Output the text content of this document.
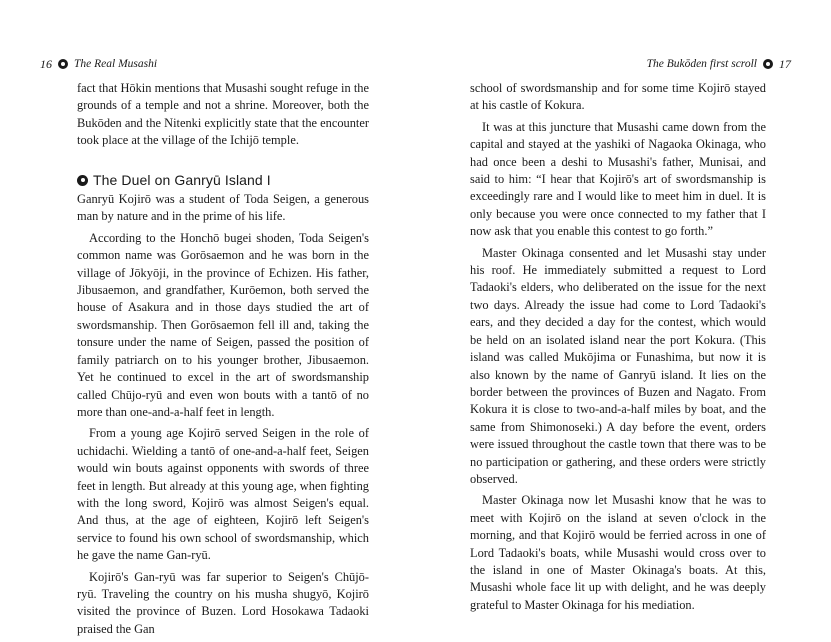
16 The Real Musashi

fact that Hōkin mentions that Musashi sought refuge in the grounds of a temple and not a shrine. Moreover, both the Bukōden and the Nitenki explicitly state that the encounter took place at the village of the Ichijō temple.

The Duel on Ganryū Island I

Ganryū Kojirō was a student of Toda Seigen, a generous man by nature and in the prime of his life.

According to the Honchō bugei shoden, Toda Seigen's common name was Gorōsaemon and he was born in the village of Jōkyōji, in the province of Echizen. His father, Jibusaemon, and grandfather, Kurōemon, both served the house of Asakura and in those days studied the art of swordsmanship. Then Gorōsaemon fell ill and, taking the tonsure under the name of Seigen, passed the position of family patriarch on to his younger brother, Jibusaemon. Yet he continued to excel in the art of swordsmanship called Chūjo-ryū and even won bouts with a tantō of no more than one-and-a-half feet in length.

From a young age Kojirō served Seigen in the role of uchidachi. Wielding a tantō of one-and-a-half feet, Seigen would win bouts against opponents with swords of three feet in length. But already at this young age, when fighting with the long sword, Kojirō was almost Seigen's equal. And thus, at the age of eighteen, Kojirō left Seigen's service to found his own school of swordsmanship, which he gave the name Gan-ryū.

Kojirō's Gan-ryū was far superior to Seigen's Chūjō-ryū. Traveling the country on his musha shugyō, Kojirō visited the province of Buzen. Lord Hosokawa Tadaoki praised the Gan

The Bukōden first scroll 17

school of swordsmanship and for some time Kojirō stayed at his castle of Kokura.

It was at this juncture that Musashi came down from the capital and stayed at the yashiki of Nagaoka Okinaga, who had once been a deshi to Musashi's father, Munisai, and said to him: “I hear that Kojirō's art of swordsmanship is exceedingly rare and I would like to meet him in duel. It is only because you were once connected to my father that I now ask that you enable this contest to go forth.”

Master Okinaga consented and let Musashi stay under his roof. He immediately submitted a request to Lord Tadaoki's elders, who deliberated on the issue for the next two days. Already the issue had come to Lord Tadaoki's ears, and they decided a day for the contest, which would be held on an isolated island near the port Kokura. (This island was called Mukōjima or Funashima, but now it is also known by the name of Ganryū island. It lies on the border between the provinces of Buzen and Nagato. From Kokura it is close to two-and-a-half miles by boat, and the same from Shimonoseki.) A day before the event, orders were issued throughout the castle town that there was to be no participation or gathering, and these orders were strictly observed.

Master Okinaga now let Musashi know that he was to meet with Kojirō on the island at seven o'clock in the morning, and that Kojirō would be ferried across in one of Lord Tadaoki's boats, while Musashi would cross over to the island in one of Master Okinaga's boats. At this, Musashi whole face lit up with delight, and he was deeply grateful to Master Okinaga for his mediation.
